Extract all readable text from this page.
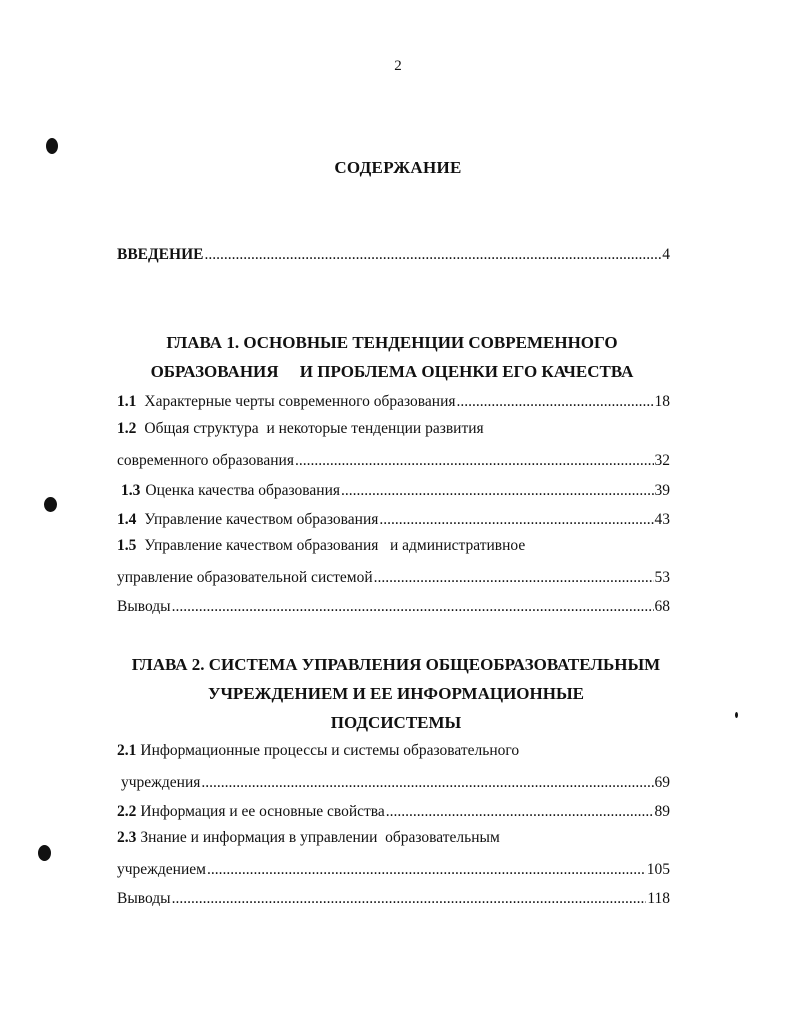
2
СОДЕРЖАНИЕ
ВВЕДЕНИЕ .....	4
ГЛАВА 1. ОСНОВНЫЕ ТЕНДЕНЦИИ СОВРЕМЕННОГО
ОБРАЗОВАНИЯ     И ПРОБЛЕМА ОЦЕНКИ ЕГО КАЧЕСТВА
1.1 Характерные черты современного образования .....	18
1.2 Общая структура  и некоторые тенденции развития
современного образования .....	32
1.3 Оценка качества образования .....	39
1.4 Управление качеством образования .....	43
1.5 Управление качеством образования   и административное
управление образовательной системой .....	53
Выводы .....	68
ГЛАВА 2. СИСТЕМА УПРАВЛЕНИЯ ОБЩЕОБРАЗОВАТЕЛЬНЫМ
УЧРЕЖДЕНИЕМ И ЕЕ ИНФОРМАЦИОННЫЕ
ПОДСИСТЕМЫ
2.1 Информационные процессы и системы образовательного
учреждения .....	69
2.2 Информация и ее основные свойства .....	89
2.3 Знание и информация в управлении  образовательным
учреждением .....	105
Выводы .....	118
